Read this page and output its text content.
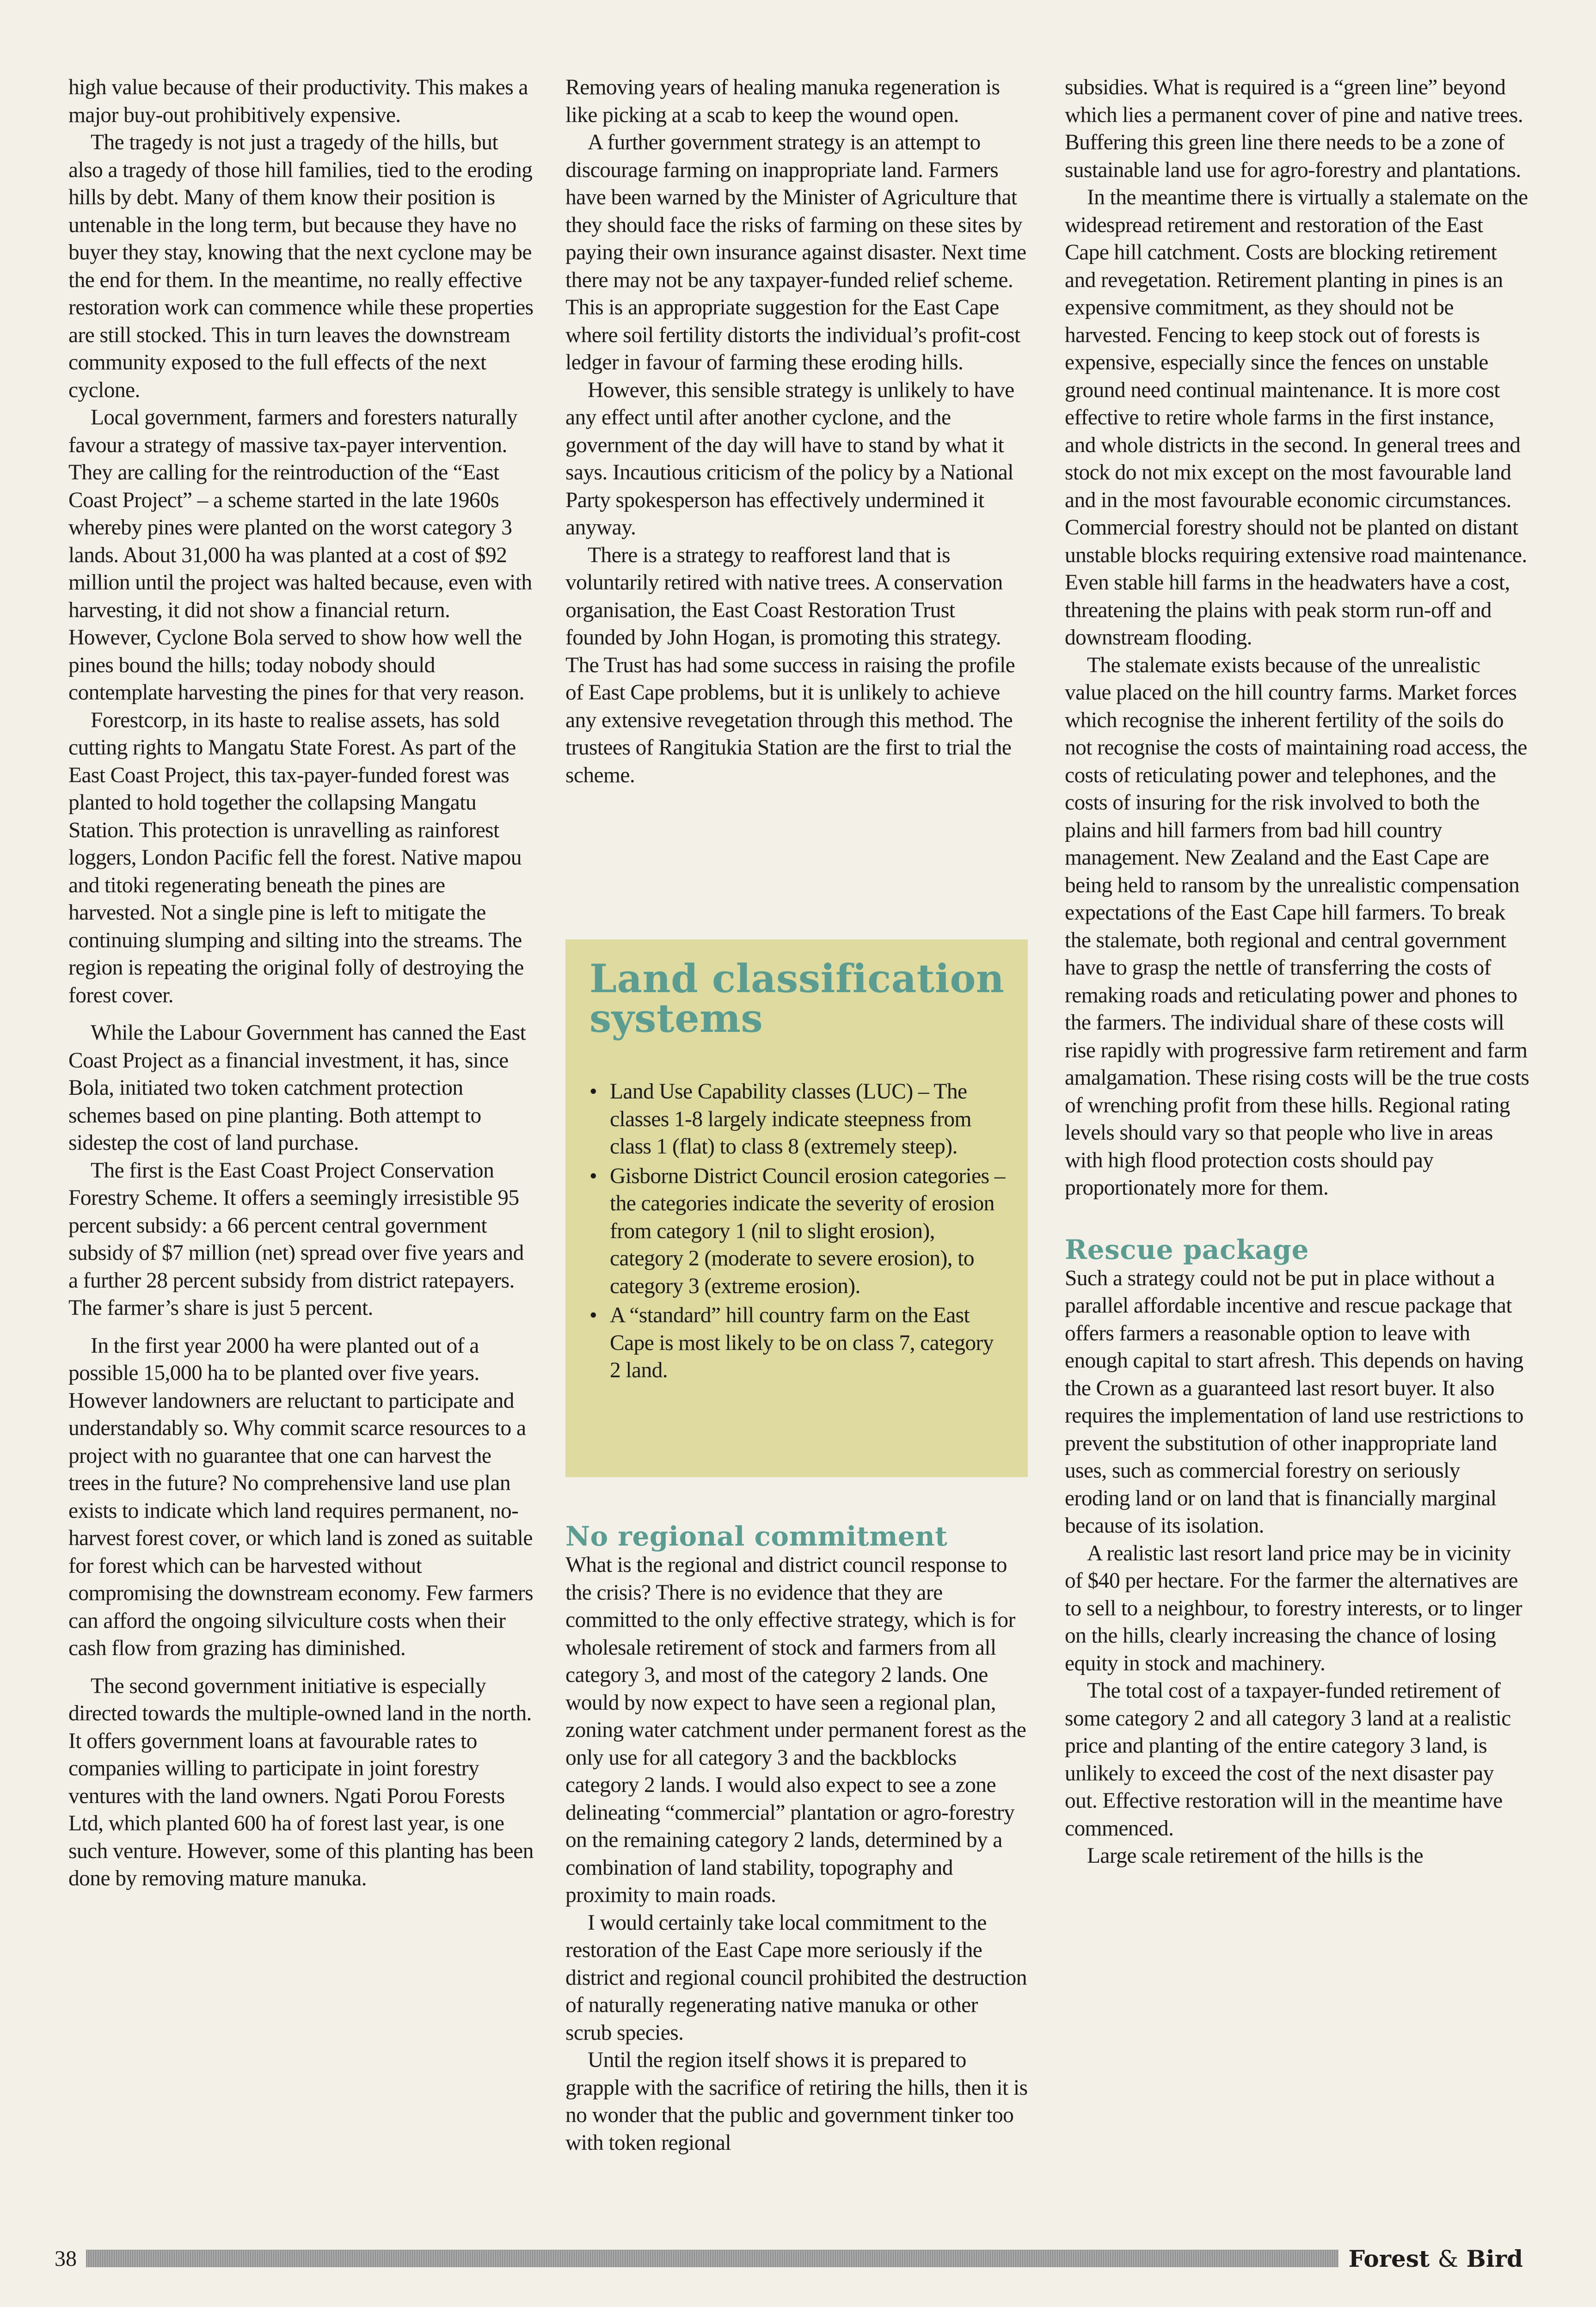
high value because of their productivity. This makes a major buy-out prohibitively expensive.

The tragedy is not just a tragedy of the hills, but also a tragedy of those hill families, tied to the eroding hills by debt. Many of them know their position is untenable in the long term, but because they have no buyer they stay, knowing that the next cyclone may be the end for them. In the meantime, no really effective restoration work can commence while these properties are still stocked. This in turn leaves the downstream community exposed to the full effects of the next cyclone.

Local government, farmers and foresters naturally favour a strategy of massive tax-payer intervention. They are calling for the reintroduction of the “East Coast Project” – a scheme started in the late 1960s whereby pines were planted on the worst category 3 lands. About 31,000 ha was planted at a cost of $92 million until the project was halted because, even with harvesting, it did not show a financial return. However, Cyclone Bola served to show how well the pines bound the hills; today nobody should contemplate harvesting the pines for that very reason.

Forestcorp, in its haste to realise assets, has sold cutting rights to Mangatu State Forest. As part of the East Coast Project, this tax-payer-funded forest was planted to hold together the collapsing Mangatu Station. This protection is unravelling as rainforest loggers, London Pacific fell the forest. Native mapou and titoki regenerating beneath the pines are harvested. Not a single pine is left to mitigate the continuing slumping and silting into the streams. The region is repeating the original folly of destroying the forest cover.

While the Labour Government has canned the East Coast Project as a financial investment, it has, since Bola, initiated two token catchment protection schemes based on pine planting. Both attempt to sidestep the cost of land purchase.

The first is the East Coast Project Conservation Forestry Scheme. It offers a seemingly irresistible 95 percent subsidy: a 66 percent central government subsidy of $7 million (net) spread over five years and a further 28 percent subsidy from district ratepayers. The farmer’s share is just 5 percent.

In the first year 2000 ha were planted out of a possible 15,000 ha to be planted over five years. However landowners are reluctant to participate and understandably so. Why commit scarce resources to a project with no guarantee that one can harvest the trees in the future? No comprehensive land use plan exists to indicate which land requires permanent, no-harvest forest cover, or which land is zoned as suitable for forest which can be harvested without compromising the downstream economy. Few farmers can afford the ongoing silviculture costs when their cash flow from grazing has diminished.

The second government initiative is especially directed towards the multiple-owned land in the north. It offers government loans at favourable rates to companies willing to participate in joint forestry ventures with the land owners. Ngati Porou Forests Ltd, which planted 600 ha of forest last year, is one such venture. However, some of this planting has been done by removing mature manuka.

Removing years of healing manuka regeneration is like picking at a scab to keep the wound open.

A further government strategy is an attempt to discourage farming on inappropriate land. Farmers have been warned by the Minister of Agriculture that they should face the risks of farming on these sites by paying their own insurance against disaster. Next time there may not be any taxpayer-funded relief scheme. This is an appropriate suggestion for the East Cape where soil fertility distorts the individual’s profit-cost ledger in favour of farming these eroding hills.

However, this sensible strategy is unlikely to have any effect until after another cyclone, and the government of the day will have to stand by what it says. Incautious criticism of the policy by a National Party spokesperson has effectively undermined it anyway.

There is a strategy to reafforest land that is voluntarily retired with native trees. A conservation organisation, the East Coast Restoration Trust founded by John Hogan, is promoting this strategy. The Trust has had some success in raising the profile of East Cape problems, but it is unlikely to achieve any extensive revegetation through this method. The trustees of Rangitukia Station are the first to trial the scheme.

Land classification systems
• Land Use Capability classes (LUC) – The classes 1-8 largely indicate steepness from class 1 (flat) to class 8 (extremely steep).
• Gisborne District Council erosion categories – the categories indicate the severity of erosion from category 1 (nil to slight erosion), category 2 (moderate to severe erosion), to category 3 (extreme erosion).
• A “standard” hill country farm on the East Cape is most likely to be on class 7, category 2 land.
No regional commitment

What is the regional and district council response to the crisis? There is no evidence that they are committed to the only effective strategy, which is for wholesale retirement of stock and farmers from all category 3, and most of the category 2 lands. One would by now expect to have seen a regional plan, zoning water catchment under permanent forest as the only use for all category 3 and the backblocks category 2 lands. I would also expect to see a zone delineating “commercial” plantation or agro-forestry on the remaining category 2 lands, determined by a combination of land stability, topography and proximity to main roads.

I would certainly take local commitment to the restoration of the East Cape more seriously if the district and regional council prohibited the destruction of naturally regenerating native manuka or other scrub species.

Until the region itself shows it is prepared to grapple with the sacrifice of retiring the hills, then it is no wonder that the public and government tinker too with token regional

subsidies. What is required is a “green line” beyond which lies a permanent cover of pine and native trees. Buffering this green line there needs to be a zone of sustainable land use for agro-forestry and plantations.

In the meantime there is virtually a stalemate on the widespread retirement and restoration of the East Cape hill catchment. Costs are blocking retirement and revegetation. Retirement planting in pines is an expensive commitment, as they should not be harvested. Fencing to keep stock out of forests is expensive, especially since the fences on unstable ground need continual maintenance. It is more cost effective to retire whole farms in the first instance, and whole districts in the second. In general trees and stock do not mix except on the most favourable land and in the most favourable economic circumstances. Commercial forestry should not be planted on distant unstable blocks requiring extensive road maintenance. Even stable hill farms in the headwaters have a cost, threatening the plains with peak storm run-off and downstream flooding.

The stalemate exists because of the unrealistic value placed on the hill country farms. Market forces which recognise the inherent fertility of the soils do not recognise the costs of maintaining road access, the costs of reticulating power and telephones, and the costs of insuring for the risk involved to both the plains and hill farmers from bad hill country management. New Zealand and the East Cape are being held to ransom by the unrealistic compensation expectations of the East Cape hill farmers. To break the stalemate, both regional and central government have to grasp the nettle of transferring the costs of remaking roads and reticulating power and phones to the farmers. The individual share of these costs will rise rapidly with progressive farm retirement and farm amalgamation. These rising costs will be the true costs of wrenching profit from these hills. Regional rating levels should vary so that people who live in areas with high flood protection costs should pay proportionately more for them.

Rescue package

Such a strategy could not be put in place without a parallel affordable incentive and rescue package that offers farmers a reasonable option to leave with enough capital to start afresh. This depends on having the Crown as a guaranteed last resort buyer. It also requires the implementation of land use restrictions to prevent the substitution of other inappropriate land uses, such as commercial forestry on seriously eroding land or on land that is financially marginal because of its isolation.

A realistic last resort land price may be in vicinity of $40 per hectare. For the farmer the alternatives are to sell to a neighbour, to forestry interests, or to linger on the hills, clearly increasing the chance of losing equity in stock and machinery.

The total cost of a taxpayer-funded retirement of some category 2 and all category 3 land at a realistic price and planting of the entire category 3 land, is unlikely to exceed the cost of the next disaster pay out. Effective restoration will in the meantime have commenced.

Large scale retirement of the hills is the

38	Forest & Bird
